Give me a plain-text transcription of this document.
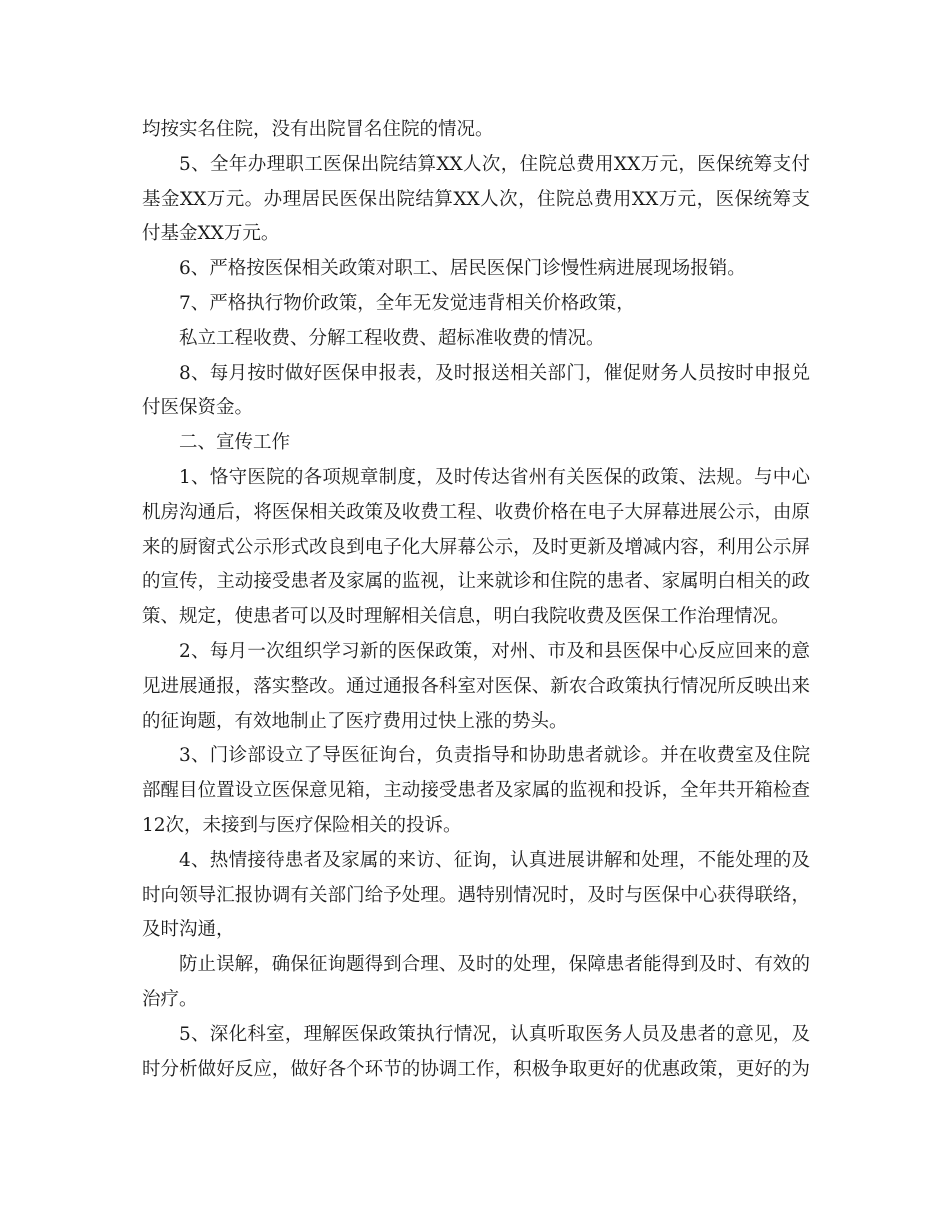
均按实名住院，没有出院冒名住院的情况。

5、全年办理职工医保出院结算XX人次，住院总费用XX万元，医保统筹支付基金XX万元。办理居民医保出院结算XX人次，住院总费用XX万元，医保统筹支付基金XX万元。

6、严格按医保相关政策对职工、居民医保门诊慢性病进展现场报销。

7、严格执行物价政策，全年无发觉违背相关价格政策，

私立工程收费、分解工程收费、超标准收费的情况。

8、每月按时做好医保申报表，及时报送相关部门，催促财务人员按时申报兑付医保资金。

二、宣传工作

1、恪守医院的各项规章制度，及时传达省州有关医保的政策、法规。与中心机房沟通后，将医保相关政策及收费工程、收费价格在电子大屏幕进展公示，由原来的厨窗式公示形式改良到电子化大屏幕公示，及时更新及增减内容，利用公示屏的宣传，主动接受患者及家属的监视，让来就诊和住院的患者、家属明白相关的政策、规定，使患者可以及时理解相关信息，明白我院收费及医保工作治理情况。

2、每月一次组织学习新的医保政策，对州、市及和县医保中心反应回来的意见进展通报，落实整改。通过通报各科室对医保、新农合政策执行情况所反映出来的征询题，有效地制止了医疗费用过快上涨的势头。

3、门诊部设立了导医征询台，负责指导和协助患者就诊。并在收费室及住院部醒目位置设立医保意见箱，主动接受患者及家属的监视和投诉，全年共开箱检查12次，未接到与医疗保险相关的投诉。

4、热情接待患者及家属的来访、征询，认真进展讲解和处理，不能处理的及时向领导汇报协调有关部门给予处理。遇特别情况时，及时与医保中心获得联络，及时沟通，

防止误解，确保征询题得到合理、及时的处理，保障患者能得到及时、有效的治疗。

5、深化科室，理解医保政策执行情况，认真听取医务人员及患者的意见，及时分析做好反应，做好各个环节的协调工作，积极争取更好的优惠政策，更好的为
